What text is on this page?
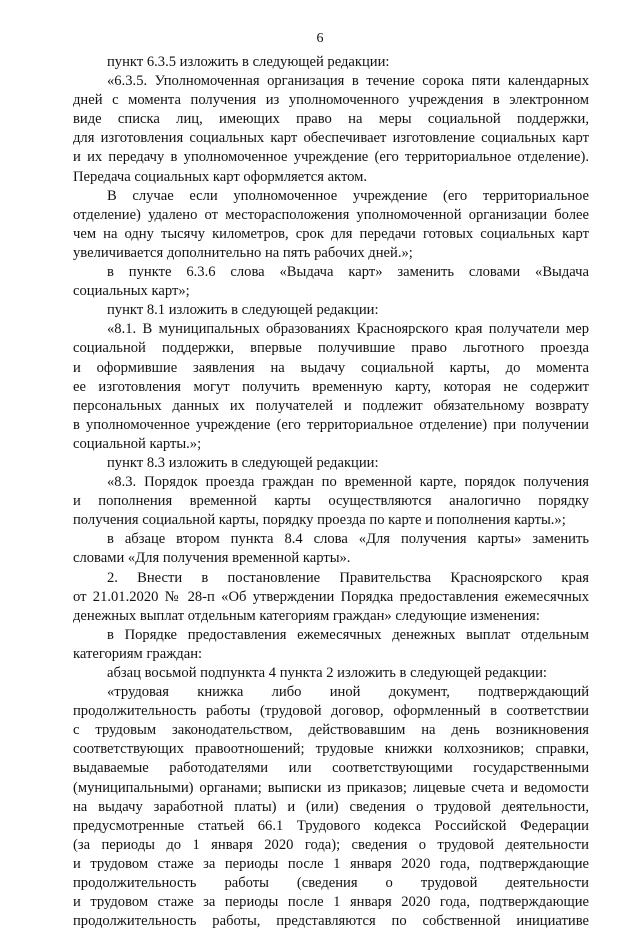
6
пункт 6.3.5 изложить в следующей редакции:
«6.3.5. Уполномоченная организация в течение сорока пяти календарных
дней с момента получения из уполномоченного учреждения в электронном
виде списка лиц, имеющих право на меры социальной поддержки,
для изготовления социальных карт обеспечивает изготовление социальных карт
и их передачу в уполномоченное учреждение (его территориальное отделение).
Передача социальных карт оформляется актом.
В случае если уполномоченное учреждение (его территориальное
отделение) удалено от месторасположения уполномоченной организации более
чем на одну тысячу километров, срок для передачи готовых социальных карт
увеличивается дополнительно на пять рабочих дней.»;
в пункте 6.3.6 слова «Выдача карт» заменить словами «Выдача
социальных карт»;
пункт 8.1 изложить в следующей редакции:
«8.1. В муниципальных образованиях Красноярского края получатели мер
социальной поддержки, впервые получившие право льготного проезда
и оформившие заявления на выдачу социальной карты, до момента
ее изготовления могут получить временную карту, которая не содержит
персональных данных их получателей и подлежит обязательному возврату
в уполномоченное учреждение (его территориальное отделение) при получении
социальной карты.»;
пункт 8.3 изложить в следующей редакции:
«8.3. Порядок проезда граждан по временной карте, порядок получения
и пополнения временной карты осуществляются аналогично порядку
получения социальной карты, порядку проезда по карте и пополнения карты.»;
в абзаце втором пункта 8.4 слова «Для получения карты» заменить
словами «Для получения временной карты».
2. Внести в постановление Правительства Красноярского края
от 21.01.2020 № 28-п «Об утверждении Порядка предоставления ежемесячных
денежных выплат отдельным категориям граждан» следующие изменения:
в Порядке предоставления ежемесячных денежных выплат отдельным
категориям граждан:
абзац восьмой подпункта 4 пункта 2 изложить в следующей редакции:
«трудовая книжка либо иной документ, подтверждающий
продолжительность работы (трудовой договор, оформленный в соответствии
с трудовым законодательством, действовавшим на день возникновения
соответствующих правоотношений; трудовые книжки колхозников; справки,
выдаваемые работодателями или соответствующими государственными
(муниципальными) органами; выписки из приказов; лицевые счета и ведомости
на выдачу заработной платы) и (или) сведения о трудовой деятельности,
предусмотренные статьей 66.1 Трудового кодекса Российской Федерации
(за периоды до 1 января 2020 года); сведения о трудовой деятельности
и трудовом стаже за периоды после 1 января 2020 года, подтверждающие
продолжительность работы (сведения о трудовой деятельности
и трудовом стаже за периоды после 1 января 2020 года, подтверждающие
продолжительность работы, представляются по собственной инициативе
